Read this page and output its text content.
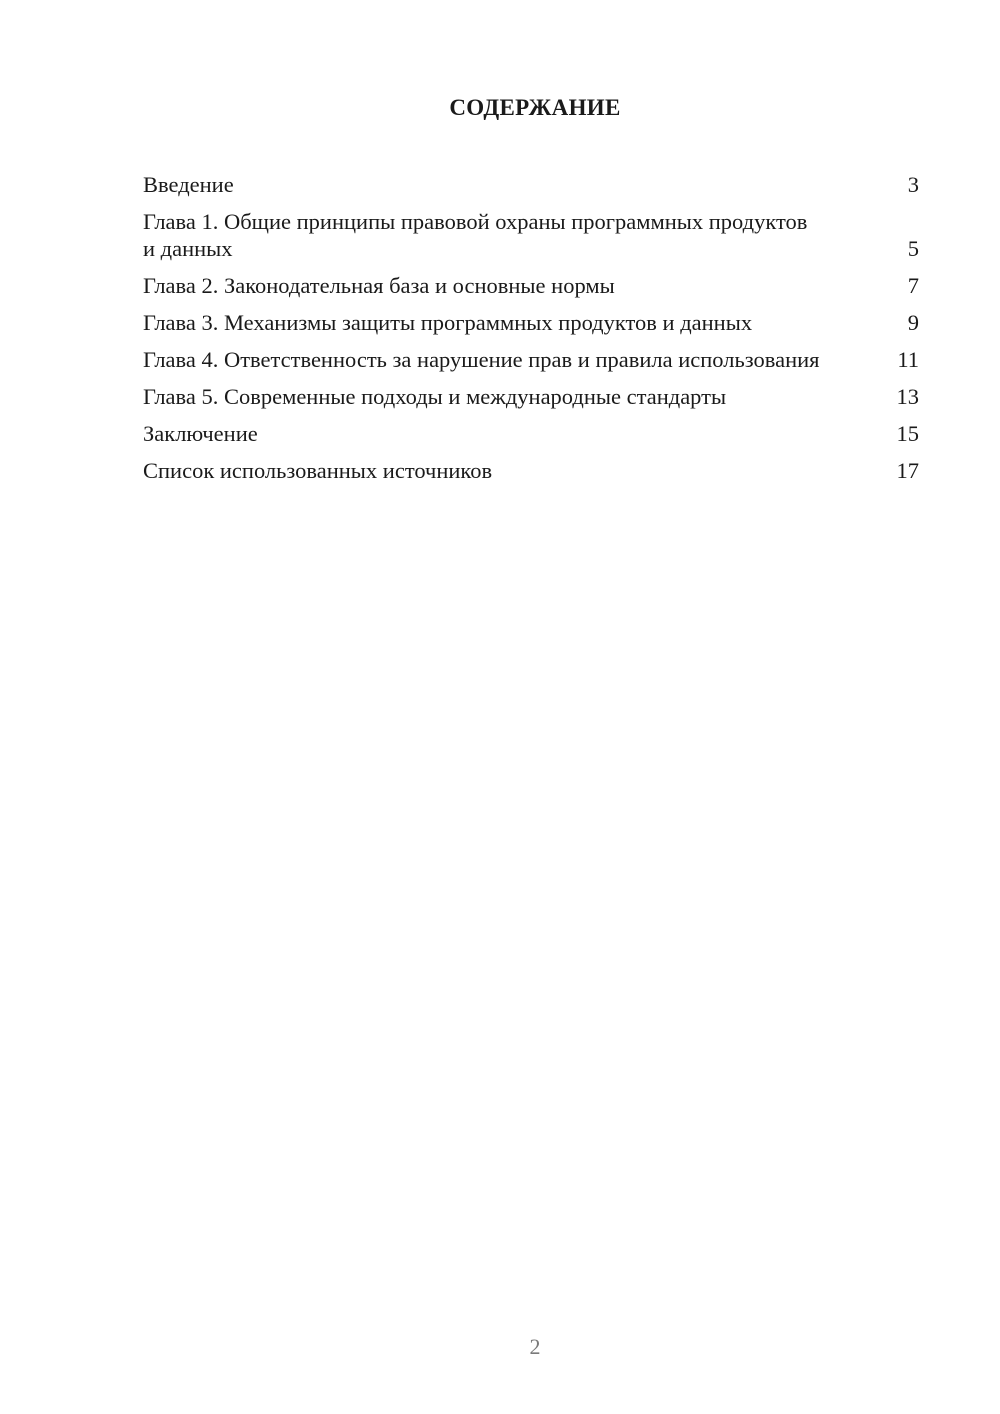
СОДЕРЖАНИЕ
Введение	3
Глава 1. Общие принципы правовой охраны программных продуктов и данных	5
Глава 2. Законодательная база и основные нормы	7
Глава 3. Механизмы защиты программных продуктов и данных	9
Глава 4. Ответственность за нарушение прав и правила использования	11
Глава 5. Современные подходы и международные стандарты	13
Заключение	15
Список использованных источников	17
2
